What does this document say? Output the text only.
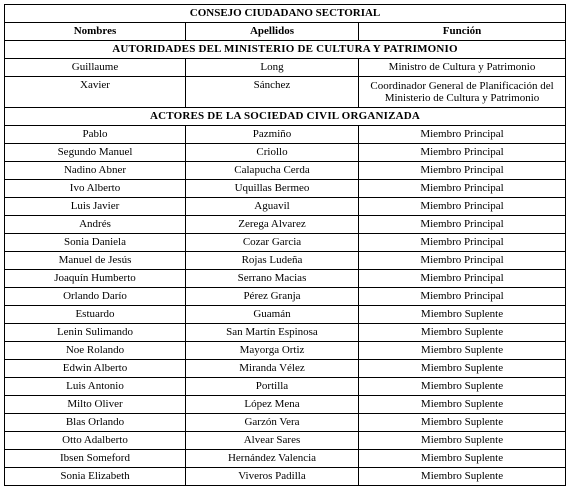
CONSEJO CIUDADANO SECTORIAL		
Nombres	Apellidos	Función
AUTORIDADES DEL MINISTERIO DE CULTURA Y PATRIMONIO		
Guillaume	Long	Ministro de Cultura y Patrimonio
Xavier	Sánchez	Coordinador General de Planificación del Ministerio de Cultura y Patrimonio
ACTORES DE LA SOCIEDAD CIVIL ORGANIZADA		
Pablo	Pazmiño	Miembro Principal
Segundo Manuel	Criollo	Miembro Principal
Nadino Abner	Calapucha Cerda	Miembro Principal
Ivo Alberto	Uquillas Bermeo	Miembro Principal
Luis Javier	Aguavil	Miembro Principal
Andrés	Zerega Alvarez	Miembro Principal
Sonia Daniela	Cozar Garcia	Miembro Principal
Manuel de Jesús	Rojas Ludeña	Miembro Principal
Joaquín Humberto	Serrano Macias	Miembro Principal
Orlando Darío	Pérez Granja	Miembro Principal
Estuardo	Guamán	Miembro Suplente
Lenin Sulimando	San Martín Espinosa	Miembro Suplente
Noe Rolando	Mayorga Ortiz	Miembro Suplente
Edwin Alberto	Miranda Vélez	Miembro Suplente
Luis Antonio	Portilla	Miembro Suplente
Milto Oliver	López Mena	Miembro Suplente
Blas Orlando	Garzón Vera	Miembro Suplente
Otto Adalberto	Alvear Sares	Miembro Suplente
Ibsen Someford	Hernández Valencia	Miembro Suplente
Sonia Elizabeth	Viveros Padilla	Miembro Suplente
